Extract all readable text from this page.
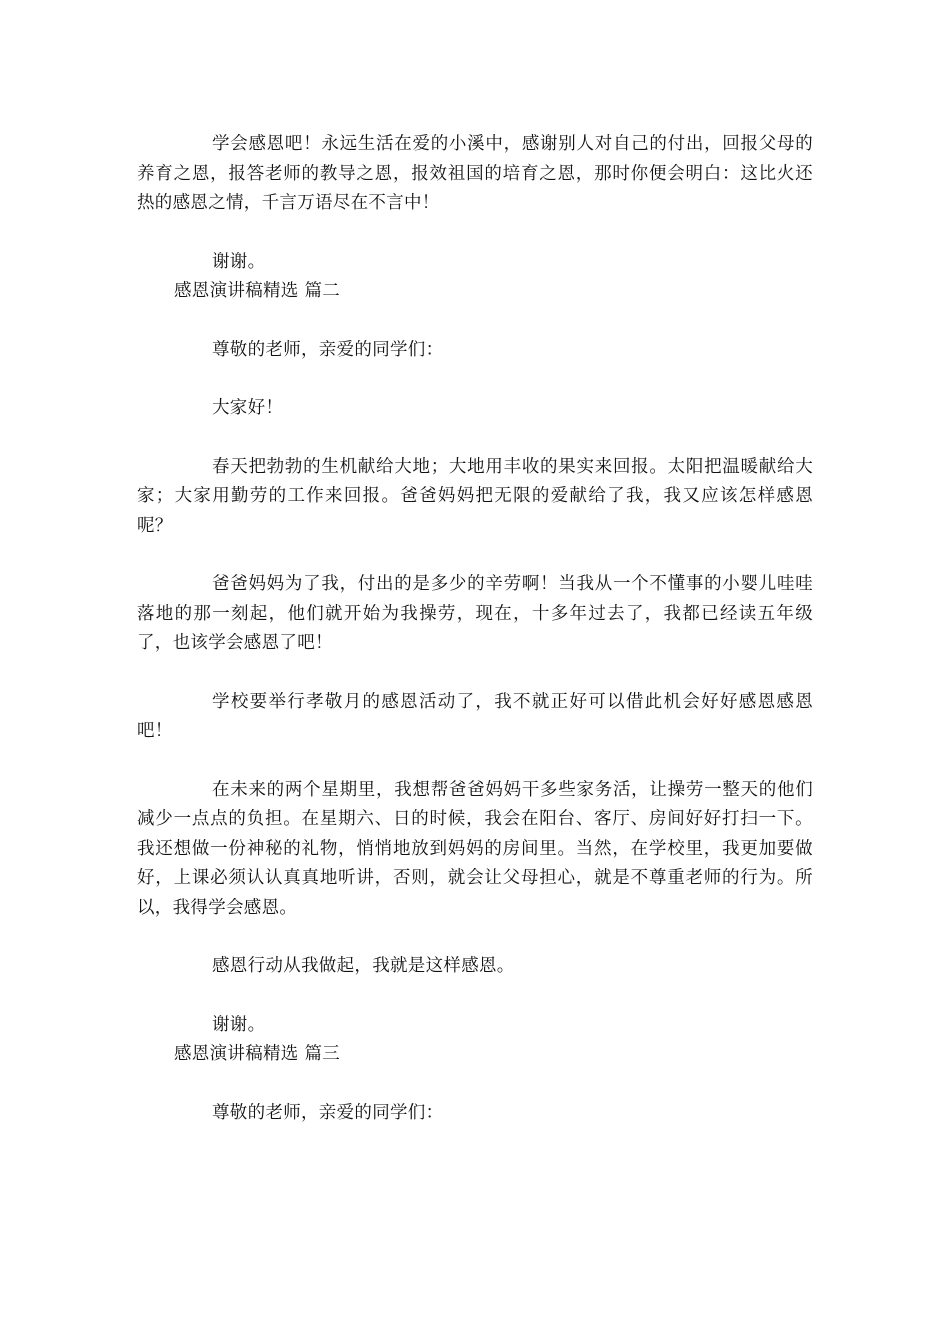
学会感恩吧！永远生活在爱的小溪中，感谢别人对自己的付出，回报父母的养育之恩，报答老师的教导之恩，报效祖国的培育之恩，那时你便会明白：这比火还热的感恩之情，千言万语尽在不言中！

谢谢。

感恩演讲稿精选 篇二

尊敬的老师，亲爱的同学们：

大家好！

春天把勃勃的生机献给大地；大地用丰收的果实来回报。太阳把温暖献给大家；大家用勤劳的工作来回报。爸爸妈妈把无限的爱献给了我，我又应该怎样感恩呢？

爸爸妈妈为了我，付出的是多少的辛劳啊！当我从一个不懂事的小婴儿哇哇落地的那一刻起，他们就开始为我操劳，现在，十多年过去了，我都已经读五年级了，也该学会感恩了吧！

学校要举行孝敬月的感恩活动了，我不就正好可以借此机会好好感恩感恩吧！

在未来的两个星期里，我想帮爸爸妈妈干多些家务活，让操劳一整天的他们减少一点点的负担。在星期六、日的时候，我会在阳台、客厅、房间好好打扫一下。我还想做一份神秘的礼物，悄悄地放到妈妈的房间里。当然，在学校里，我更加要做好，上课必须认认真真地听讲，否则，就会让父母担心，就是不尊重老师的行为。所以，我得学会感恩。

感恩行动从我做起，我就是这样感恩。

谢谢。

感恩演讲稿精选 篇三

尊敬的老师，亲爱的同学们：
